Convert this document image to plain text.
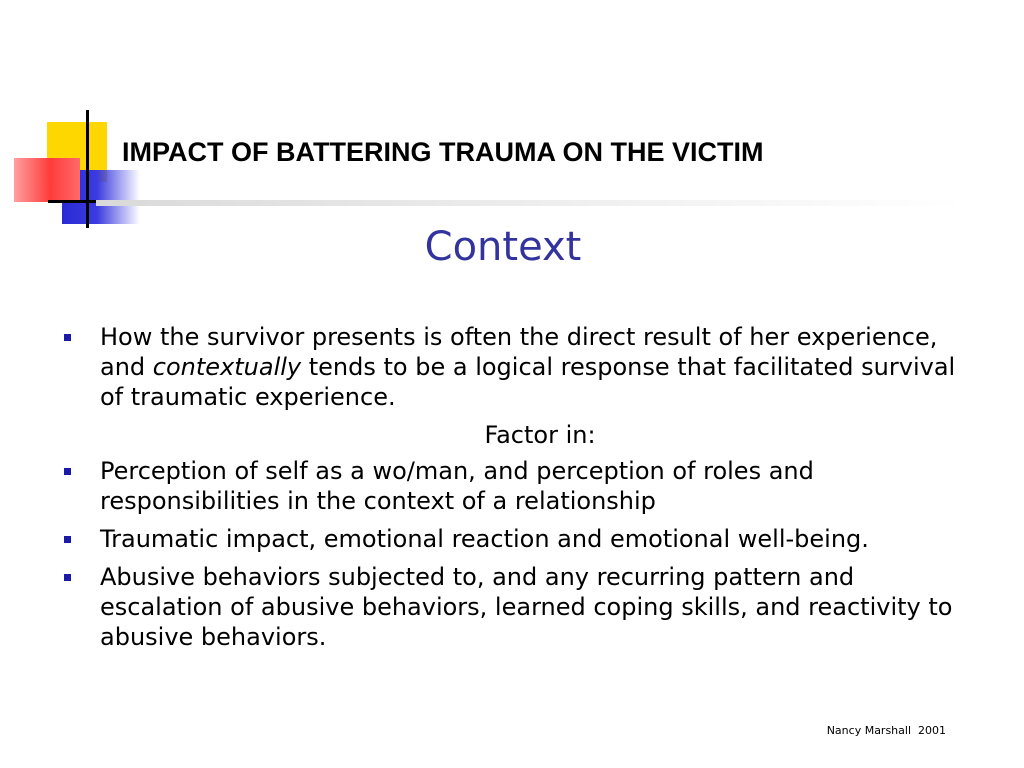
IMPACT OF BATTERING TRAUMA ON THE VICTIM
Context
How the survivor presents is often the direct result of her experience, and contextually tends to be a logical response that facilitated survival of traumatic experience.
Factor in:
Perception of self as a wo/man, and perception of roles and responsibilities in the context of a relationship
Traumatic impact, emotional reaction and emotional well-being.
Abusive behaviors subjected to, and any recurring pattern and escalation of abusive behaviors, learned coping skills, and reactivity to abusive behaviors.
Nancy Marshall  2001
